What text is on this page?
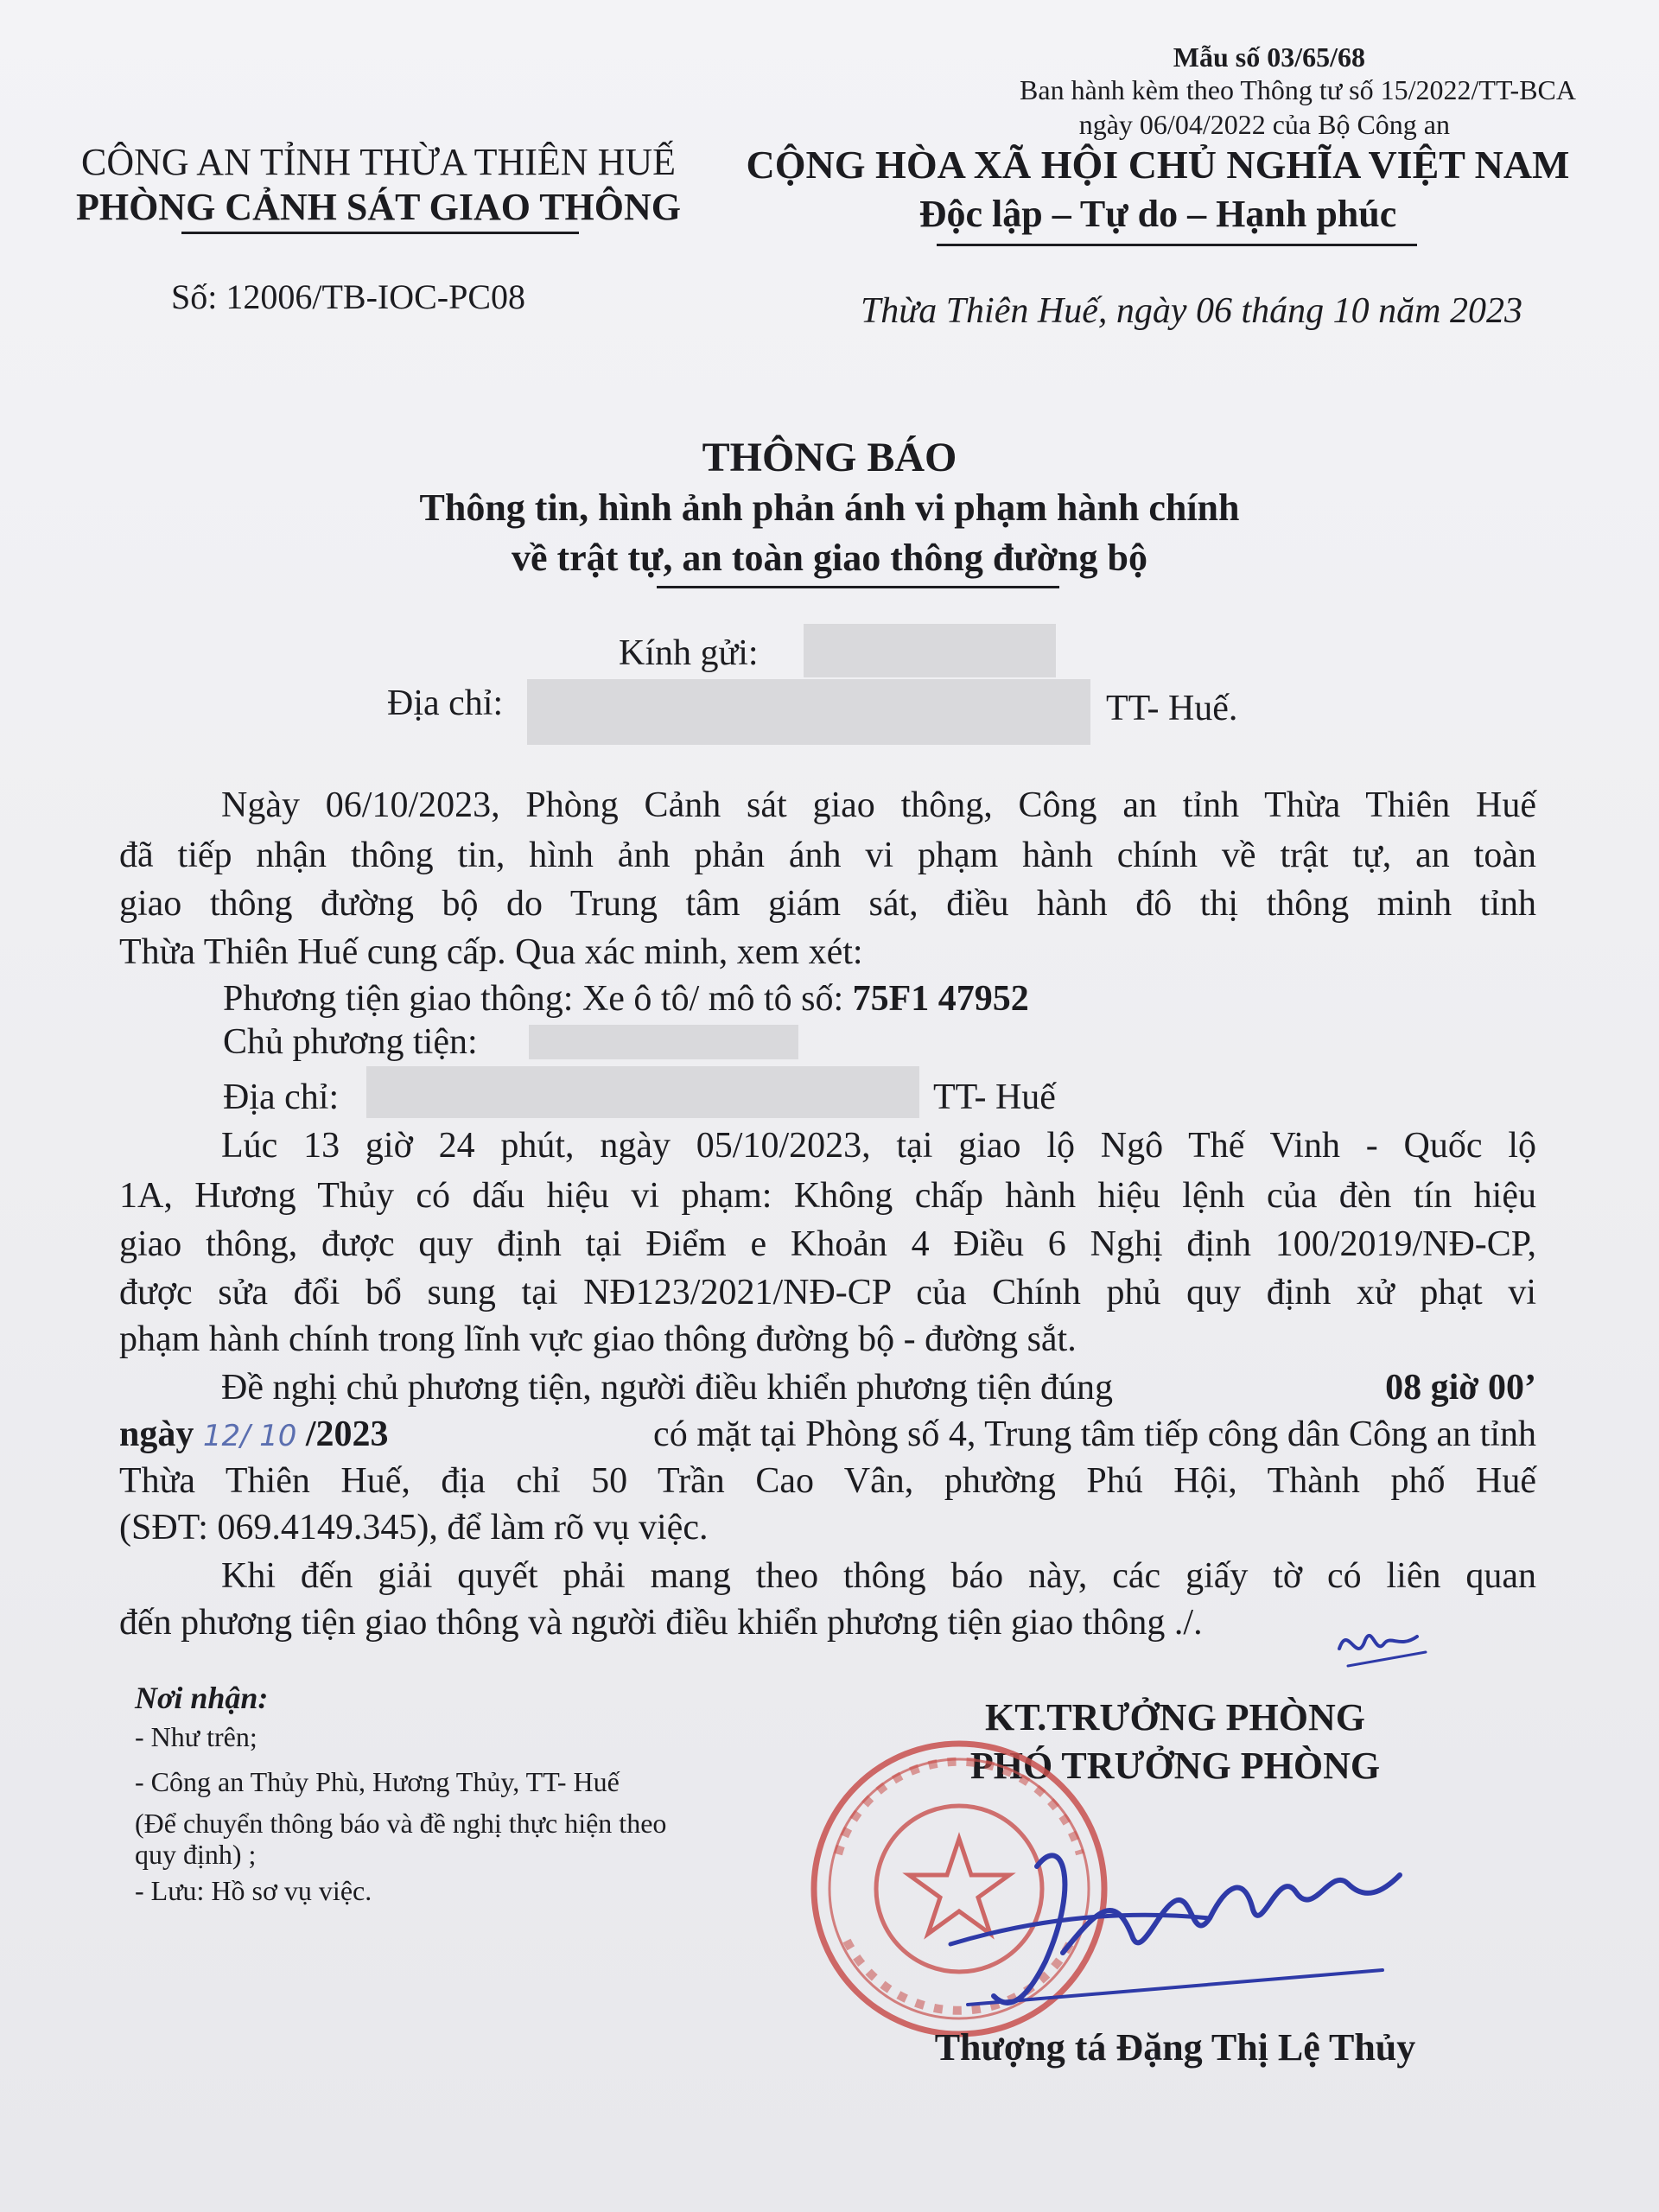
Mẫu số 03/65/68
Ban hành kèm theo Thông tư số 15/2022/TT-BCA
ngày 06/04/2022 của Bộ Công an
CÔNG AN TỈNH THỪA THIÊN HUẾ
PHÒNG CẢNH SÁT GIAO THÔNG
CỘNG HÒA XÃ HỘI CHỦ NGHĨA VIỆT NAM
Độc lập – Tự do – Hạnh phúc
Số: 12006/TB-IOC-PC08	Thừa Thiên Huế, ngày 06 tháng 10 năm 2023
THÔNG BÁO
Thông tin, hình ảnh phản ánh vi phạm hành chính
về trật tự, an toàn giao thông đường bộ
Kính gửi:
Địa chỉ:	TT- Huế.
Ngày 06/10/2023, Phòng Cảnh sát giao thông, Công an tỉnh Thừa Thiên Huế
đã tiếp nhận thông tin, hình ảnh phản ánh vi phạm hành chính về trật tự, an toàn
giao thông đường bộ do Trung tâm giám sát, điều hành đô thị thông minh tỉnh
Thừa Thiên Huế cung cấp. Qua xác minh, xem xét:
Phương tiện giao thông: Xe ô tô/ mô tô số: 75F1 47952
Chủ phương tiện:
Địa chỉ:	TT- Huế
Lúc 13 giờ 24 phút, ngày 05/10/2023, tại giao lộ Ngô Thế Vinh - Quốc lộ
1A, Hương Thủy có dấu hiệu vi phạm: Không chấp hành hiệu lệnh của đèn tín hiệu
giao thông, được quy định tại Điểm e Khoản 4 Điều 6 Nghị định 100/2019/NĐ-CP,
được sửa đổi bổ sung tại NĐ123/2021/NĐ-CP của Chính phủ quy định xử phạt vi
phạm hành chính trong lĩnh vực giao thông đường bộ - đường sắt.
Đề nghị chủ phương tiện, người điều khiển phương tiện đúng	08 giờ 00’
ngày 12/ 10 /2023	có mặt tại Phòng số 4, Trung tâm tiếp công dân Công an tỉnh
Thừa Thiên Huế, địa chỉ 50 Trần Cao Vân, phường Phú Hội, Thành phố Huế
(SĐT: 069.4149.345), để làm rõ vụ việc.
Khi đến giải quyết phải mang theo thông báo này, các giấy tờ có liên quan
đến phương tiện giao thông và người điều khiển phương tiện giao thông ./.
Nơi nhận:
- Như trên;
- Công an Thủy Phù, Hương Thủy, TT- Huế
(Để chuyển thông báo và đề nghị thực hiện theo
quy định) ;
- Lưu: Hồ sơ vụ việc.
KT.TRƯỞNG PHÒNG
PHÓ TRƯỞNG PHÒNG
Thượng tá Đặng Thị Lệ Thủy
